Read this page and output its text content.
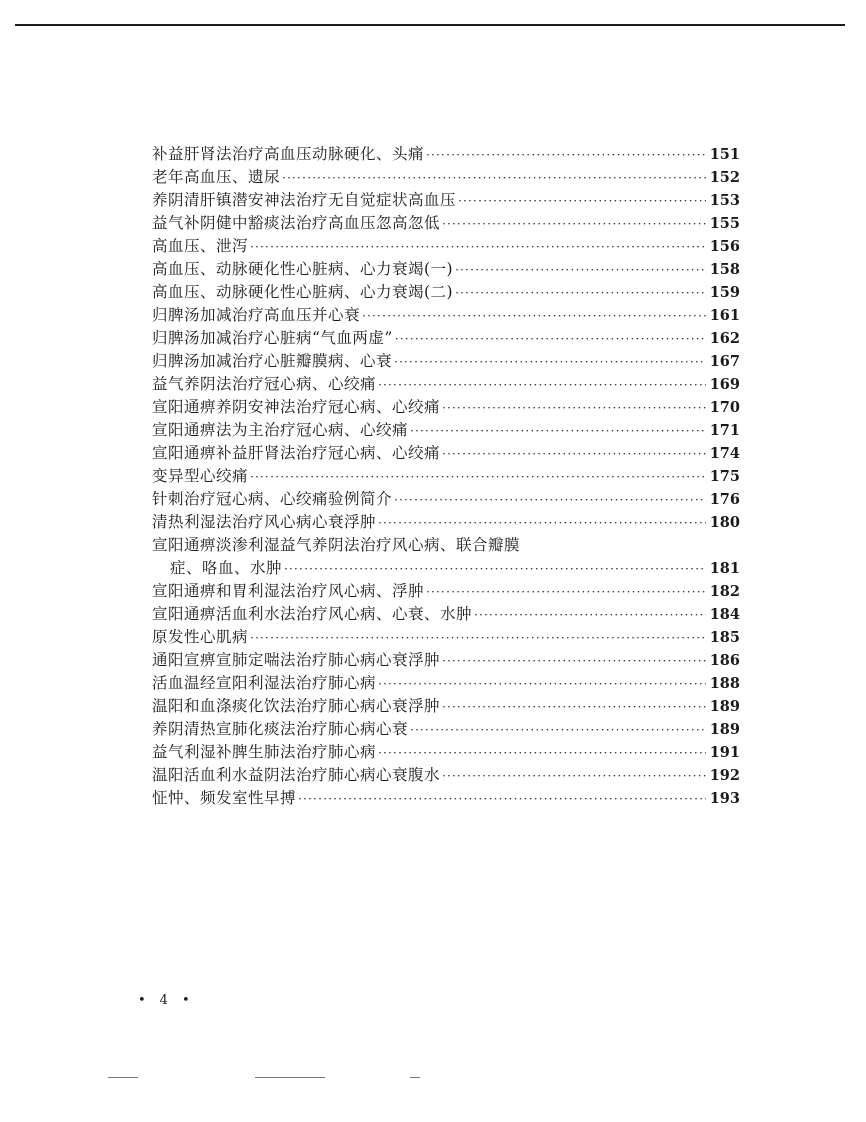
补益肝肾法治疗高血压动脉硬化、头痛 ·····	151
老年高血压、遗尿 ·····	152
养阴清肝镇潜安神法治疗无自觉症状高血压 ·····	153
益气补阴健中豁痰法治疗高血压忽高忽低 ·····	155
高血压、泄泻 ·····	156
高血压、动脉硬化性心脏病、心力衰竭(一) ·····	158
高血压、动脉硬化性心脏病、心力衰竭(二) ·····	159
归脾汤加减治疗高血压并心衰 ·····	161
归脾汤加减治疗心脏病“气血两虚” ·····	162
归脾汤加减治疗心脏瓣膜病、心衰 ·····	167
益气养阴法治疗冠心病、心绞痛 ·····	169
宣阳通痹养阴安神法治疗冠心病、心绞痛 ·····	170
宣阳通痹法为主治疗冠心病、心绞痛 ·····	171
宣阳通痹补益肝肾法治疗冠心病、心绞痛 ·····	174
变异型心绞痛 ·····	175
针刺治疗冠心病、心绞痛验例简介 ·····	176
清热利湿法治疗风心病心衰浮肿 ·····	180
宣阳通痹淡渗利湿益气养阴法治疗风心病、联合瓣膜
症、咯血、水肿 ·····	181
宣阳通痹和胃利湿法治疗风心病、浮肿 ·····	182
宣阳通痹活血利水法治疗风心病、心衰、水肿 ·····	184
原发性心肌病 ·····	185
通阳宣痹宣肺定喘法治疗肺心病心衰浮肿 ·····	186
活血温经宣阳利湿法治疗肺心病 ·····	188
温阳和血涤痰化饮法治疗肺心病心衰浮肿 ·····	189
养阴清热宣肺化痰法治疗肺心病心衰 ·····	189
益气利湿补脾生肺法治疗肺心病 ·····	191
温阳活血利水益阴法治疗肺心病心衰腹水 ·····	192
怔忡、频发室性早搏 ·····	193
• 4 •
